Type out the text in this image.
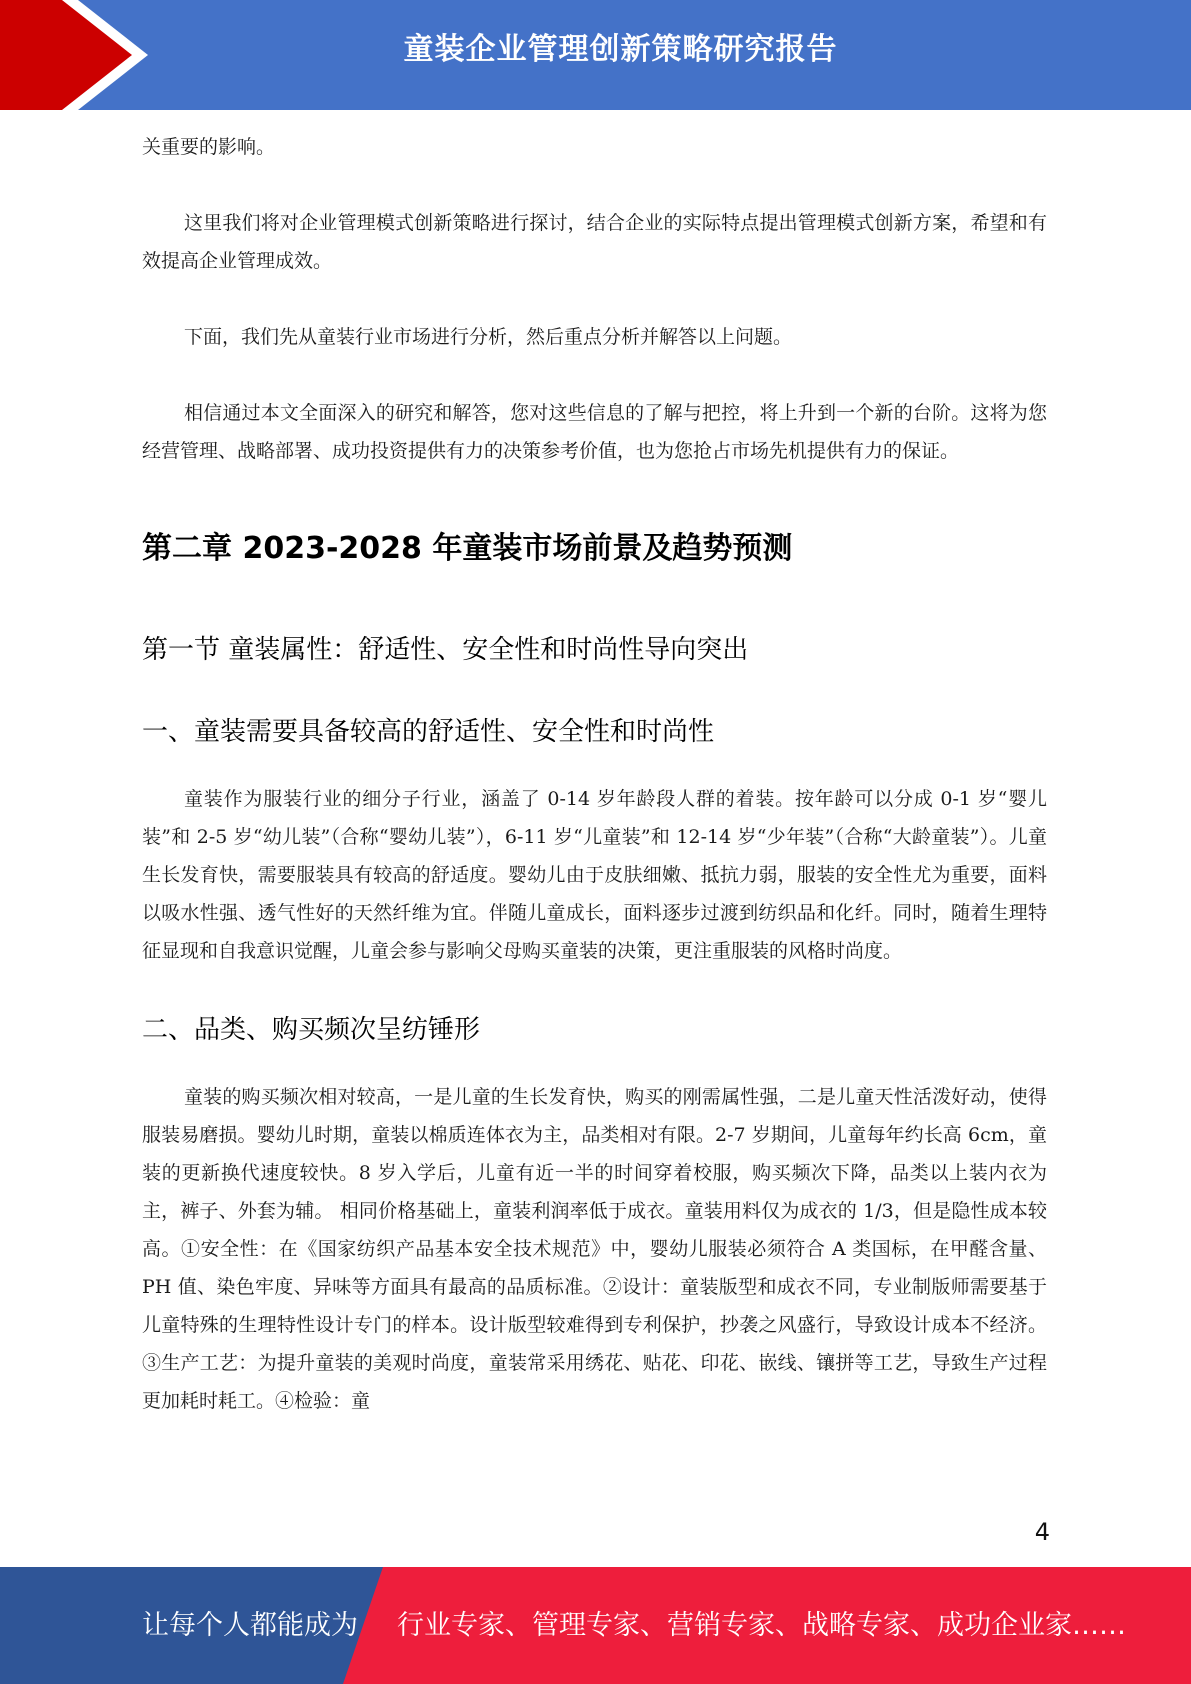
童装企业管理创新策略研究报告

关重要的影响。

这里我们将对企业管理模式创新策略进行探讨，结合企业的实际特点提出管理模式创新方案，希望和有效提高企业管理成效。

下面，我们先从童装行业市场进行分析，然后重点分析并解答以上问题。

相信通过本文全面深入的研究和解答，您对这些信息的了解与把控，将上升到一个新的台阶。这将为您经营管理、战略部署、成功投资提供有力的决策参考价值，也为您抢占市场先机提供有力的保证。

第二章 2023-2028 年童装市场前景及趋势预测
第一节 童装属性：舒适性、安全性和时尚性导向突出
一、童装需要具备较高的舒适性、安全性和时尚性

童装作为服装行业的细分子行业，涵盖了 0-14 岁年龄段人群的着装。按年龄可以分成 0-1 岁“婴儿装”和 2-5 岁“幼儿装”（合称“婴幼儿装”），6-11 岁“儿童装”和 12-14 岁“少年装”（合称“大龄童装”）。儿童生长发育快，需要服装具有较高的舒适度。婴幼儿由于皮肤细嫩、抵抗力弱，服装的安全性尤为重要，面料以吸水性强、透气性好的天然纤维为宜。伴随儿童成长，面料逐步过渡到纺织品和化纤。同时，随着生理特征显现和自我意识觉醒，儿童会参与影响父母购买童装的决策，更注重服装的风格时尚度。

二、品类、购买频次呈纺锤形

童装的购买频次相对较高，一是儿童的生长发育快，购买的刚需属性强，二是儿童天性活泼好动，使得服装易磨损。婴幼儿时期，童装以棉质连体衣为主，品类相对有限。2-7 岁期间，儿童每年约长高 6cm，童装的更新换代速度较快。8 岁入学后，儿童有近一半的时间穿着校服，购买频次下降，品类以上装内衣为主，裤子、外套为辅。 相同价格基础上，童装利润率低于成衣。童装用料仅为成衣的 1/3，但是隐性成本较高。①安全性：在《国家纺织产品基本安全技术规范》中，婴幼儿服装必须符合 A 类国标，在甲醛含量、PH 值、染色牢度、异味等方面具有最高的品质标准。②设计：童装版型和成衣不同，专业制版师需要基于儿童特殊的生理特性设计专门的样本。设计版型较难得到专利保护，抄袭之风盛行，导致设计成本不经济。③生产工艺：为提升童装的美观时尚度，童装常采用绣花、贴花、印花、嵌线、镶拼等工艺，导致生产过程更加耗时耗工。④检验：童

4
让每个人都能成为 行业专家、管理专家、营销专家、战略专家、成功企业家……
